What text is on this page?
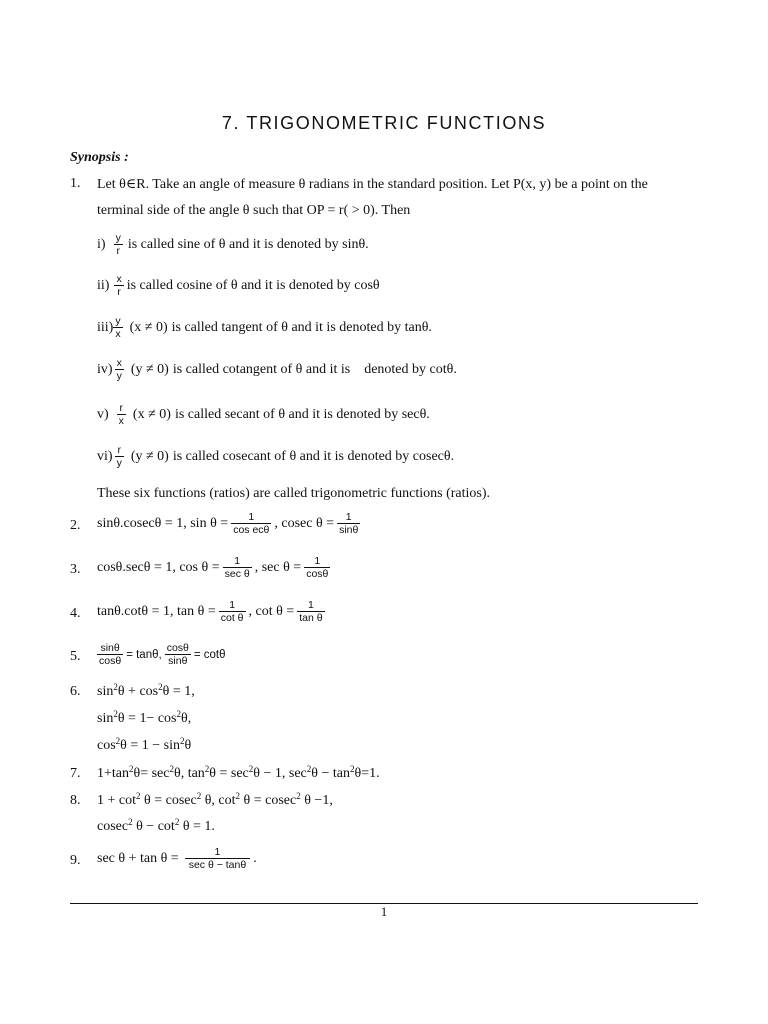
7. TRIGONOMETRIC FUNCTIONS
Synopsis :
1. Let θ∈R. Take an angle of measure θ radians in the standard position. Let P(x, y) be a point on the
terminal side of the angle θ such that OP = r( > 0). Then
$i) \frac{y}{r}$ is called sine of θ and it is denoted by sinθ.
$ii) \frac{x}{r}$ is called cosine of θ and it is denoted by cosθ
$iii) \frac{y}{x} (x \ne 0)$ is called tangent of θ and it is denoted by tanθ.
$iv) \frac{x}{y} (y \ne 0)$ is called cotangent of θ and it is    denoted by cotθ.
$v) \frac{r}{x} (x \ne 0)$ is called secant of θ and it is denoted by secθ.
$vi) \frac{r}{y} (y \ne 0)$ is called cosecant of θ and it is denoted by cosecθ.
These six functions (ratios) are called trigonometric functions (ratios).
2. sinθ.cosecθ = 1, $\sin \theta = \frac{1}{\text{cos ecθ}}$ , cosec $\theta = \frac{1}{\sin\theta}$
3. cosθ.secθ = 1, $\cos \theta = \frac{1}{\text{sec θ}}$ , $\sec \theta = \frac{1}{\cos\theta}$
4. tanθ.cotθ = 1, $\tan \theta = \frac{1}{\text{cot θ}}$ , $\cot \theta = \frac{1}{\text{tan θ}}$
5. $\frac{\sin\theta}{\cos\theta} = \tan\theta$, $\frac{\cos\theta}{\sin\theta} = \cot\theta$
6. $\sin^2\theta + \cos^2\theta = 1$,
$\sin^2\theta = 1- \cos^2\theta$,
$\cos^2\theta = 1 - \sin^2\theta$
7. $1+\tan^2\theta= \sec^2\theta$, $\tan^2\theta = \sec^2\theta - 1$, $\sec^2\theta - \tan^2\theta=1$.
8. $1 + \cot^2 \theta = cosec^2$ θ, $\cot^2 \theta = cosec^2$ θ −1,
cosec$^2$ $\theta - \cot^2 \theta = 1$.
9. $\sec \theta + \tan \theta = \frac{1}{\text{sec θ − tanθ}}$ .
1
